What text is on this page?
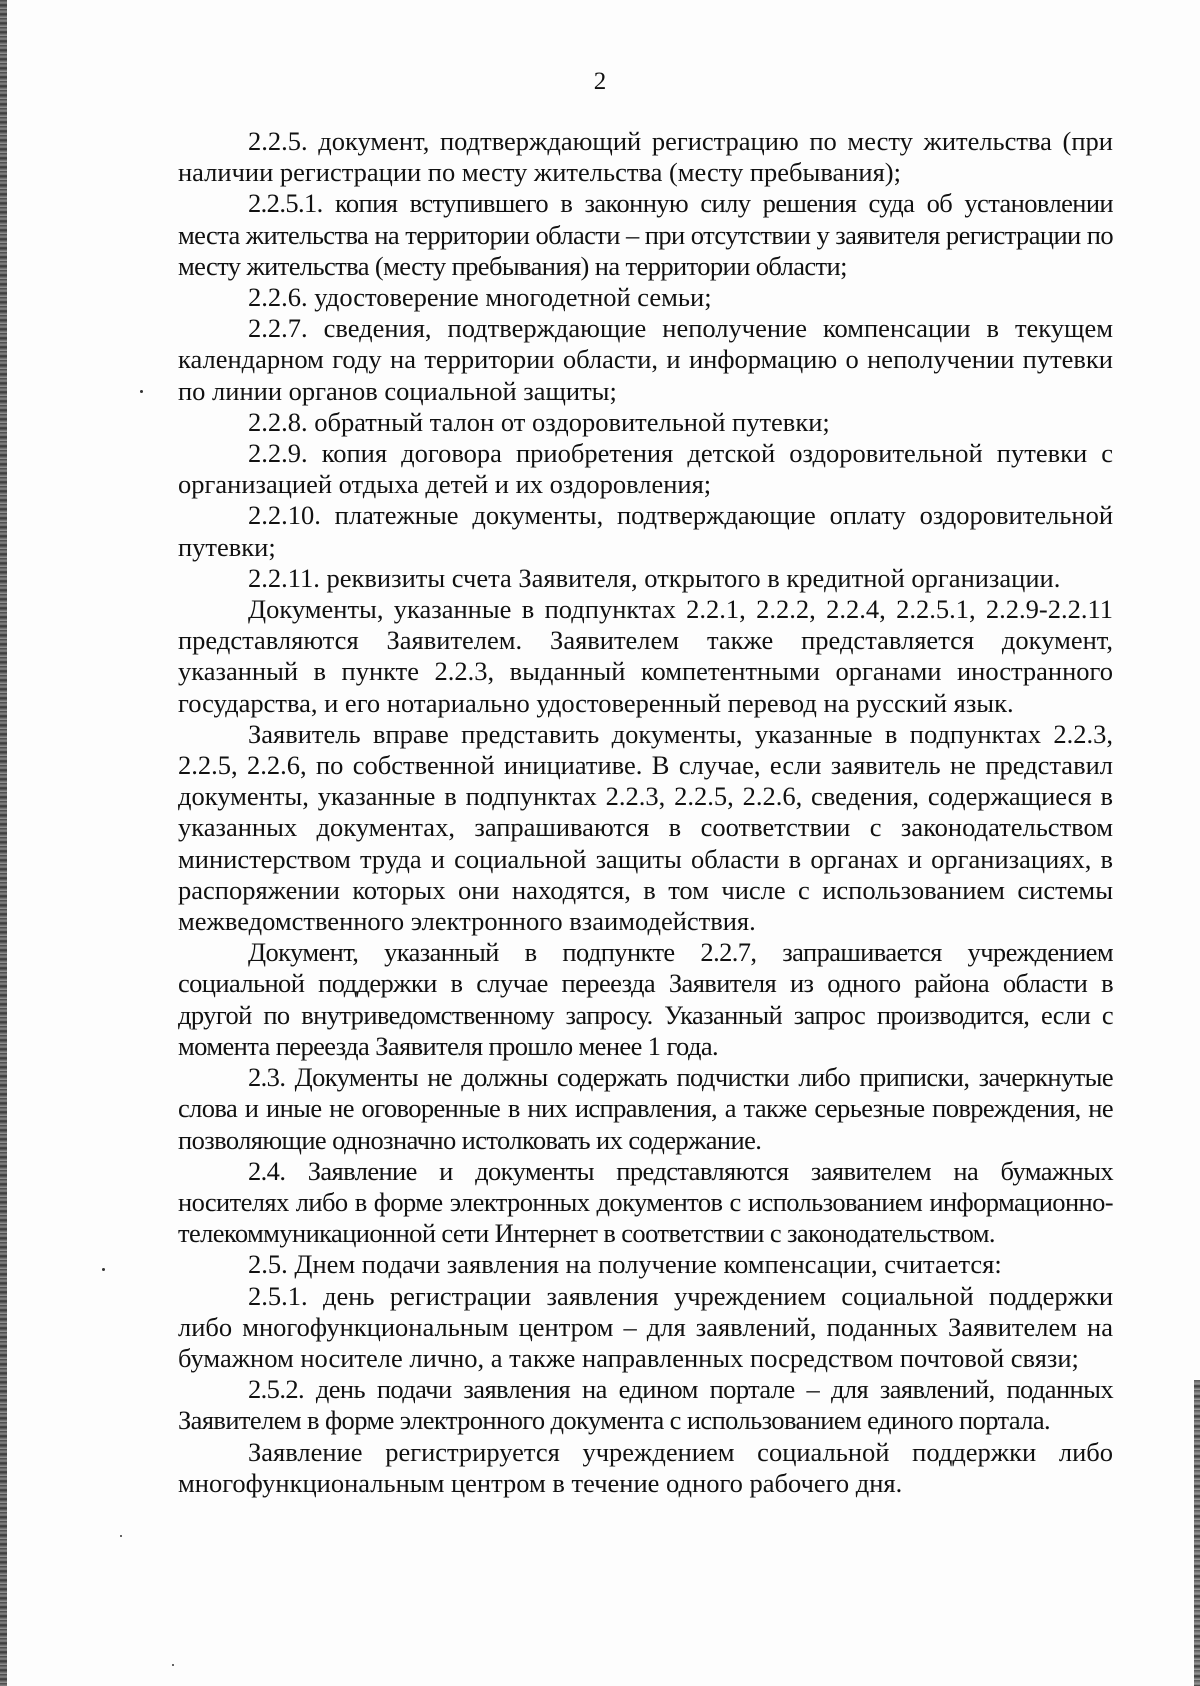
2

2.2.5. документ, подтверждающий регистрацию по месту жительства (при наличии регистрации по месту жительства (месту пребывания);

2.2.5.1. копия вступившего в законную силу решения суда об установлении места жительства на территории области – при отсутствии у заявителя регистрации по месту жительства (месту пребывания) на территории области;

2.2.6. удостоверение многодетной семьи;

2.2.7. сведения, подтверждающие неполучение компенсации в текущем календарном году на территории области, и информацию о неполучении путевки по линии органов социальной защиты;

2.2.8. обратный талон от оздоровительной путевки;

2.2.9. копия договора приобретения детской оздоровительной путевки с организацией отдыха детей и их оздоровления;

2.2.10. платежные документы, подтверждающие оплату оздоровительной путевки;

2.2.11. реквизиты счета Заявителя, открытого в кредитной организации.

Документы, указанные в подпунктах 2.2.1, 2.2.2, 2.2.4, 2.2.5.1, 2.2.9-2.2.11 представляются Заявителем. Заявителем также представляется документ, указанный в пункте 2.2.3, выданный компетентными органами иностранного государства, и его нотариально удостоверенный перевод на русский язык.

Заявитель вправе представить документы, указанные в подпунктах 2.2.3, 2.2.5, 2.2.6, по собственной инициативе. В случае, если заявитель не представил документы, указанные в подпунктах 2.2.3, 2.2.5, 2.2.6, сведения, содержащиеся в указанных документах, запрашиваются в соответствии с законодательством министерством труда и социальной защиты области в органах и организациях, в распоряжении которых они находятся, в том числе с использованием системы межведомственного электронного взаимодействия.

Документ, указанный в подпункте 2.2.7, запрашивается учреждением социальной поддержки в случае переезда Заявителя из одного района области в другой по внутриведомственному запросу. Указанный запрос производится, если с момента переезда Заявителя прошло менее 1 года.

2.3. Документы не должны содержать подчистки либо приписки, зачеркнутые слова и иные не оговоренные в них исправления, а также серьезные повреждения, не позволяющие однозначно истолковать их содержание.

2.4. Заявление и документы представляются заявителем на бумажных носителях либо в форме электронных документов с использованием информационно-телекоммуникационной сети Интернет в соответствии с законодательством.

2.5. Днем подачи заявления на получение компенсации, считается:

2.5.1. день регистрации заявления учреждением социальной поддержки либо многофункциональным центром – для заявлений, поданных Заявителем на бумажном носителе лично, а также направленных посредством почтовой связи;

2.5.2. день подачи заявления на едином портале – для заявлений, поданных Заявителем в форме электронного документа с использованием единого портала.

Заявление регистрируется учреждением социальной поддержки либо многофункциональным центром в течение одного рабочего дня.
